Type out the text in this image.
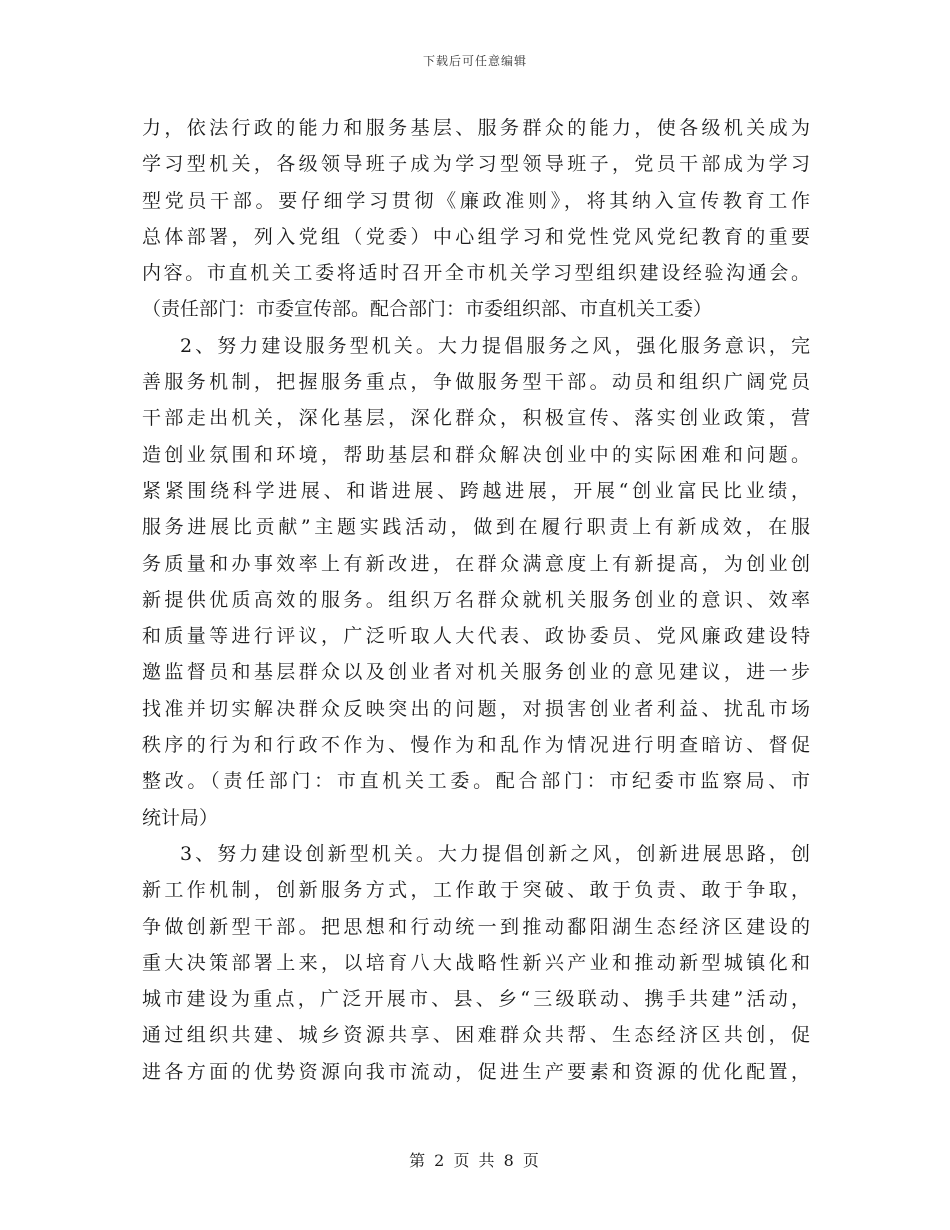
下载后可任意编辑
力，依法行政的能力和服务基层、服务群众的能力，使各级机关成为
学习型机关，各级领导班子成为学习型领导班子，党员干部成为学习
型党员干部。要仔细学习贯彻《廉政准则》，将其纳入宣传教育工作
总体部署，列入党组（党委）中心组学习和党性党风党纪教育的重要
内容。市直机关工委将适时召开全市机关学习型组织建设经验沟通会。
（责任部门：市委宣传部。配合部门：市委组织部、市直机关工委）
2、努力建设服务型机关。大力提倡服务之风，强化服务意识，完
善服务机制，把握服务重点，争做服务型干部。动员和组织广阔党员
干部走出机关，深化基层，深化群众，积极宣传、落实创业政策，营
造创业氛围和环境，帮助基层和群众解决创业中的实际困难和问题。
紧紧围绕科学进展、和谐进展、跨越进展，开展“创业富民比业绩，
服务进展比贡献”主题实践活动，做到在履行职责上有新成效，在服
务质量和办事效率上有新改进，在群众满意度上有新提高，为创业创
新提供优质高效的服务。组织万名群众就机关服务创业的意识、效率
和质量等进行评议，广泛听取人大代表、政协委员、党风廉政建设特
邀监督员和基层群众以及创业者对机关服务创业的意见建议，进一步
找准并切实解决群众反映突出的问题，对损害创业者利益、扰乱市场
秩序的行为和行政不作为、慢作为和乱作为情况进行明查暗访、督促
整改。（责任部门：市直机关工委。配合部门：市纪委市监察局、市
统计局）
3、努力建设创新型机关。大力提倡创新之风，创新进展思路，创
新工作机制，创新服务方式，工作敢于突破、敢于负责、敢于争取，
争做创新型干部。把思想和行动统一到推动鄱阳湖生态经济区建设的
重大决策部署上来，以培育八大战略性新兴产业和推动新型城镇化和
城市建设为重点，广泛开展市、县、乡“三级联动、携手共建”活动，
通过组织共建、城乡资源共享、困难群众共帮、生态经济区共创，促
进各方面的优势资源向我市流动，促进生产要素和资源的优化配置，
第 2 页 共 8 页
